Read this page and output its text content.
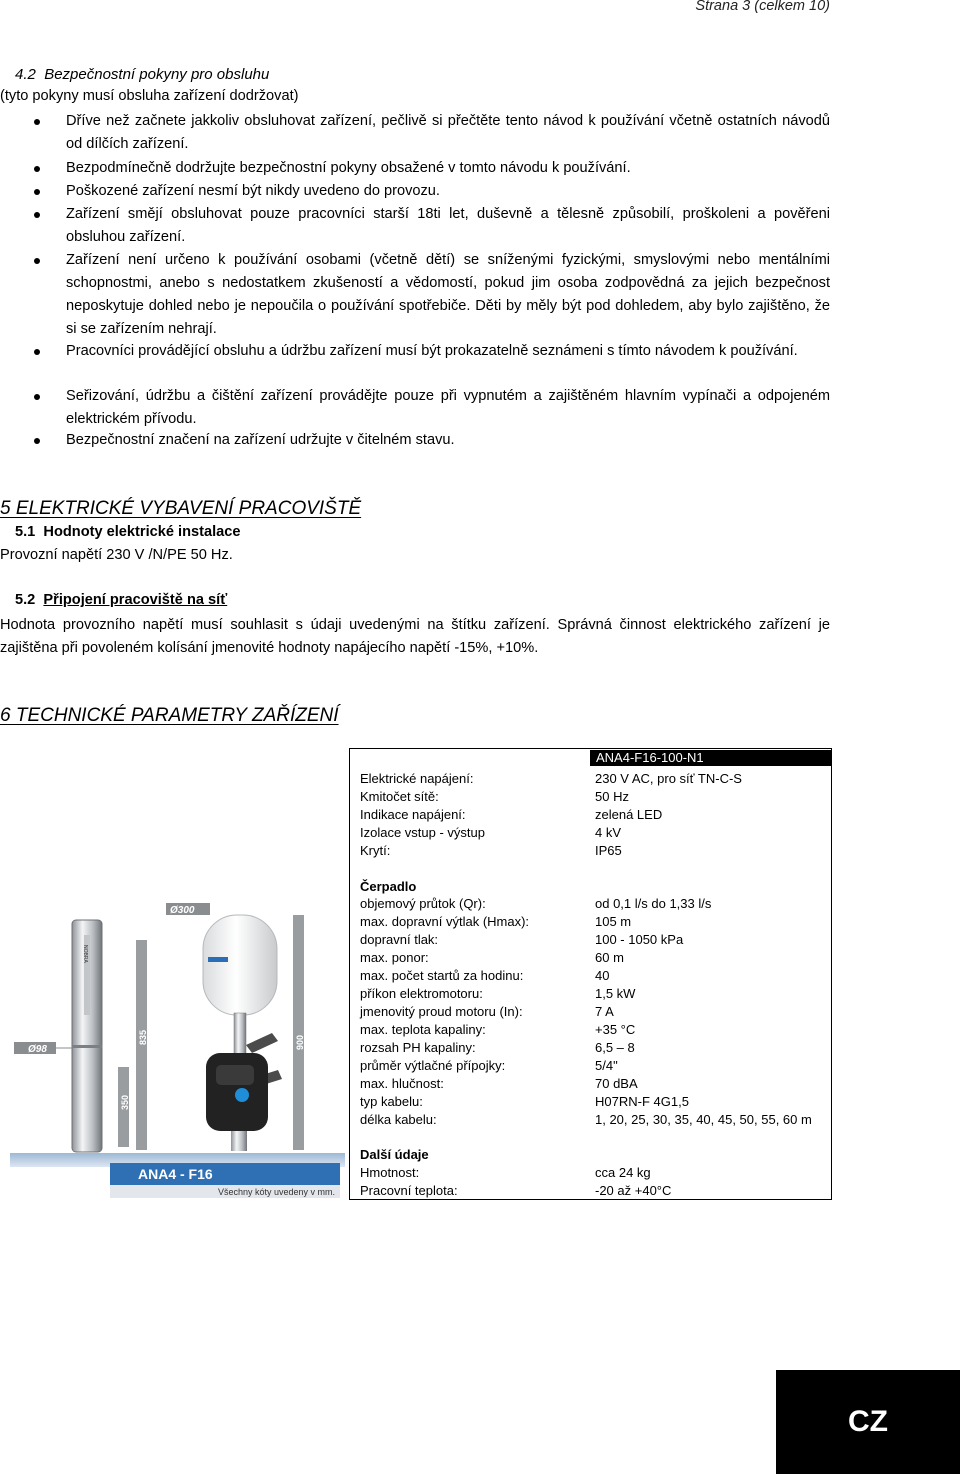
Strana 3 (celkem 10)
4.2 Bezpečnostní pokyny pro obsluhu
(tyto pokyny musí obsluha zařízení dodržovat)
Dříve než začnete jakkoliv obsluhovat zařízení, pečlivě si přečtěte tento návod k používání včetně ostatních návodů od dílčích zařízení.
Bezpodmínečně dodržujte bezpečnostní pokyny obsažené v tomto návodu k používání.
Poškozené zařízení nesmí být nikdy uvedeno do provozu.
Zařízení smějí obsluhovat pouze pracovníci starší 18ti let, duševně a tělesně způsobilí, proškoleni a pověřeni obsluhou zařízení.
Zařízení není určeno k používání osobami (včetně dětí) se sníženými fyzickými, smyslovými nebo mentálními schopnostmi, anebo s nedostatkem zkušeností a vědomostí, pokud jim osoba zodpovědná za jejich bezpečnost neposkytuje dohled nebo je nepoučila o používání spotřebiče. Děti by měly být pod dohledem, aby bylo zajištěno, že si se zařízením nehrají.
Pracovníci provádějící obsluhu a údržbu zařízení musí být prokazatelně seznámeni s tímto návodem k používání.
Seřizování, údržbu a čištění zařízení provádějte pouze při vypnutém a zajištěném hlavním vypínači a odpojeném elektrickém přívodu.
Bezpečnostní značení na zařízení udržujte v čitelném stavu.
5 ELEKTRICKÉ VYBAVENÍ PRACOVIŠTĚ
5.1 Hodnoty elektrické instalace
Provozní napětí 230 V /N/PE 50 Hz.
5.2 Připojení pracoviště na síť
Hodnota provozního napětí musí souhlasit s údaji uvedenými na štítku zařízení. Správná činnost elektrického zařízení je zajištěna při povoleném kolísání jmenovité hodnoty napájecího napětí -15%, +10%.
6 TECHNICKÉ PARAMETRY ZAŘÍZENÍ
NOBRA
Ø98
835
350
Ø300
900
ANA4 - F16
Všechny kóty uvedeny v mm.
ANA4-F16-100-N1
Elektrické napájení:	230 V AC, pro síť TN-C-S
Kmitočet sítě:	50 Hz
Indikace napájení:	zelená LED
Izolace vstup - výstup	4 kV
Krytí:	IP65
Čerpadlo
objemový průtok (Qr):	od 0,1 l/s do 1,33 l/s
max. dopravní výtlak (Hmax):	105 m
dopravní tlak:	100 - 1050 kPa
max. ponor:	60 m
max. počet startů za hodinu:	40
příkon elektromotoru:	1,5 kW
jmenovitý proud motoru (In):	7 A
max. teplota kapaliny:	+35 °C
rozsah PH kapaliny:	6,5 – 8
průměr výtlačné přípojky:	5/4"
max. hlučnost:	70 dBA
typ kabelu:	H07RN-F 4G1,5
délka kabelu:	1, 20, 25, 30, 35, 40, 45, 50, 55, 60 m
Další údaje
Hmotnost:	cca 24 kg
Pracovní teplota:	-20 až +40°C
CZ
